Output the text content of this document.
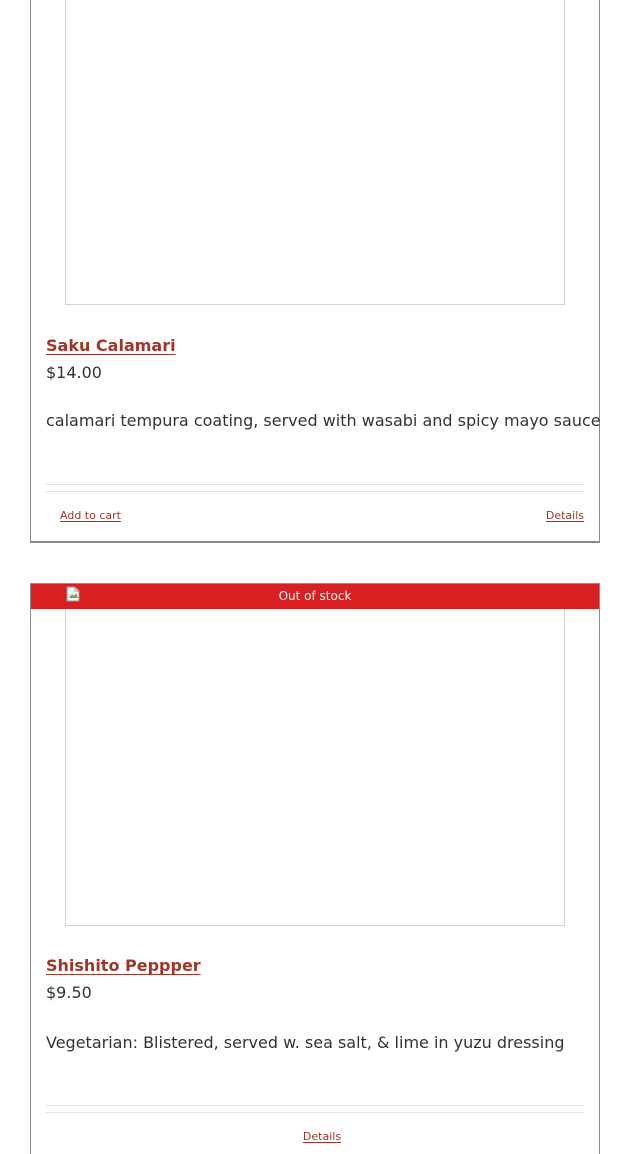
Saku Calamari
$14.00
calamari tempura coating, served with wasabi and spicy mayo sauce
Add to cart	Details
Out of stock
Shishito Peppper
$9.50
Vegetarian: Blistered, served w. sea salt, & lime in yuzu dressing
Details
